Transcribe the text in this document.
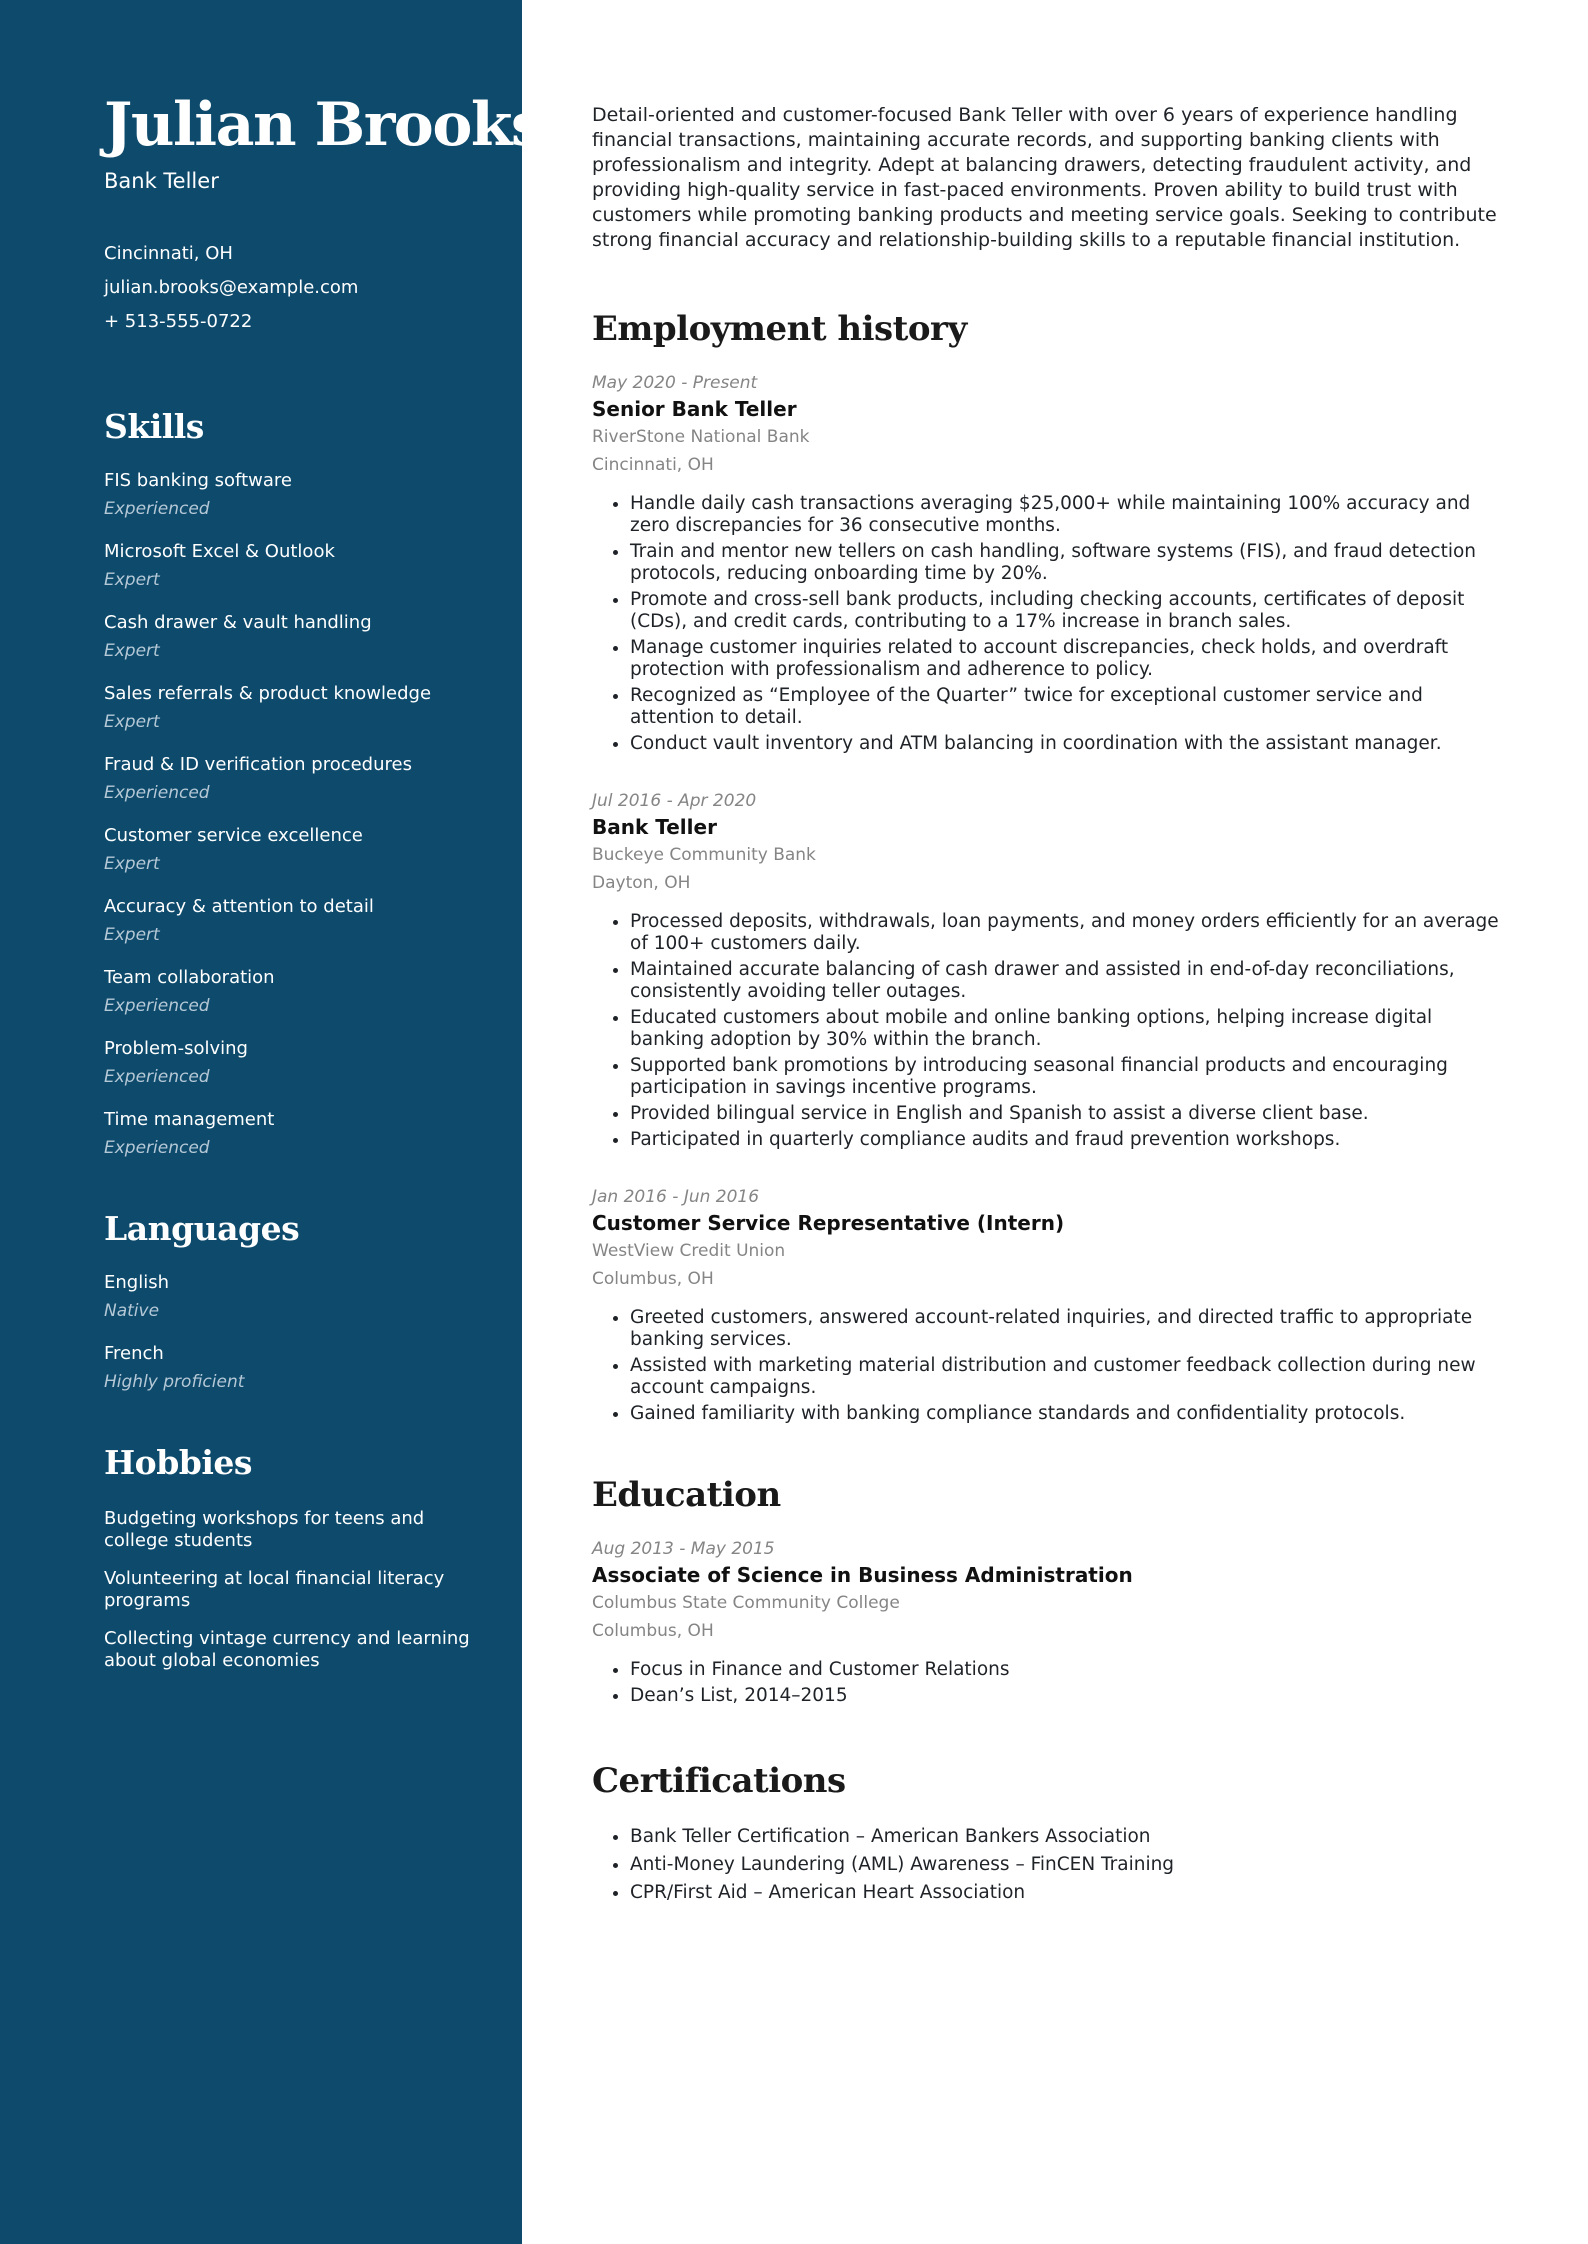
Julian Brooks
Bank Teller
Cincinnati, OH
julian.brooks@example.com
+ 513-555-0722
Skills
FIS banking software
Experienced
Microsoft Excel & Outlook
Expert
Cash drawer & vault handling
Expert
Sales referrals & product knowledge
Expert
Fraud & ID verification procedures
Experienced
Customer service excellence
Expert
Accuracy & attention to detail
Expert
Team collaboration
Experienced
Problem-solving
Experienced
Time management
Experienced
Languages
English
Native
French
Highly proficient
Hobbies
Budgeting workshops for teens and college students
Volunteering at local financial literacy programs
Collecting vintage currency and learning about global economies

Detail-oriented and customer-focused Bank Teller with over 6 years of experience handling financial transactions, maintaining accurate records, and supporting banking clients with professionalism and integrity. Adept at balancing drawers, detecting fraudulent activity, and providing high-quality service in fast-paced environments. Proven ability to build trust with customers while promoting banking products and meeting service goals. Seeking to contribute strong financial accuracy and relationship-building skills to a reputable financial institution.

Employment history
May 2020 - Present
Senior Bank Teller
RiverStone National Bank
Cincinnati, OH
• Handle daily cash transactions averaging $25,000+ while maintaining 100% accuracy and zero discrepancies for 36 consecutive months.
• Train and mentor new tellers on cash handling, software systems (FIS), and fraud detection protocols, reducing onboarding time by 20%.
• Promote and cross-sell bank products, including checking accounts, certificates of deposit (CDs), and credit cards, contributing to a 17% increase in branch sales.
• Manage customer inquiries related to account discrepancies, check holds, and overdraft protection with professionalism and adherence to policy.
• Recognized as “Employee of the Quarter” twice for exceptional customer service and attention to detail.
• Conduct vault inventory and ATM balancing in coordination with the assistant manager.
Jul 2016 - Apr 2020
Bank Teller
Buckeye Community Bank
Dayton, OH
• Processed deposits, withdrawals, loan payments, and money orders efficiently for an average of 100+ customers daily.
• Maintained accurate balancing of cash drawer and assisted in end-of-day reconciliations, consistently avoiding teller outages.
• Educated customers about mobile and online banking options, helping increase digital banking adoption by 30% within the branch.
• Supported bank promotions by introducing seasonal financial products and encouraging participation in savings incentive programs.
• Provided bilingual service in English and Spanish to assist a diverse client base.
• Participated in quarterly compliance audits and fraud prevention workshops.
Jan 2016 - Jun 2016
Customer Service Representative (Intern)
WestView Credit Union
Columbus, OH
• Greeted customers, answered account-related inquiries, and directed traffic to appropriate banking services.
• Assisted with marketing material distribution and customer feedback collection during new account campaigns.
• Gained familiarity with banking compliance standards and confidentiality protocols.
Education
Aug 2013 - May 2015
Associate of Science in Business Administration
Columbus State Community College
Columbus, OH
• Focus in Finance and Customer Relations
• Dean’s List, 2014–2015
Certifications
• Bank Teller Certification – American Bankers Association
• Anti-Money Laundering (AML) Awareness – FinCEN Training
• CPR/First Aid – American Heart Association
